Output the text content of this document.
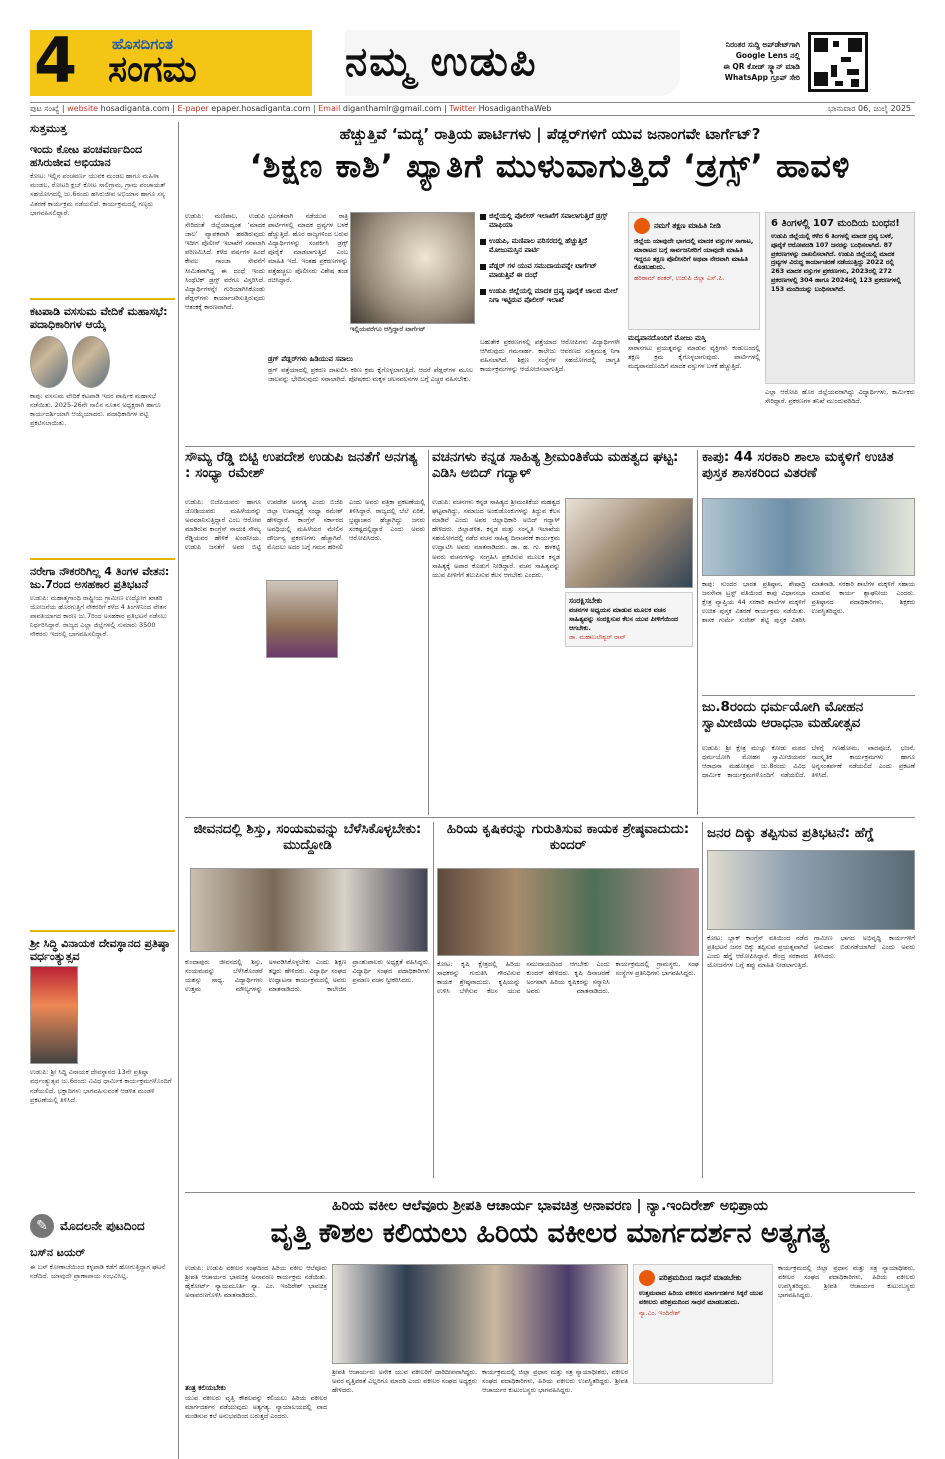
4 ಹೊಸದಿಗಂತ
ಸಂಗಮ	ನಮ್ಮ ಉಡುಪಿ	ನಿರಂತರ ಸುದ್ದಿ ಅಪ್‌ಡೇಟ್‌ಗಾಗಿ
Google Lens ನಲ್ಲಿ
ಈ QR ಕೋಡ್ ಸ್ಕ್ಯಾನ್ ಮಾಡಿ
WhatsApp ಗ್ರೂಪ್ ಸೇರಿ
ಪುಟ ಸಂಖ್ಯೆ | website hosadiganta.com | E-paper epaper.hosadiganta.com | Email diganthamlr@gmail.com | Twitter HosadiganthaWeb	ಭಾನುವಾರ 06, ಜುಲೈ 2025
ಸುತ್ತಮುತ್ತ
ಇಂದು ಕೋಟ ಪಂಚವರ್ಣದಿಂದ ಹಸಿರುಜೀವ ಅಭಿಯಾನ
ಕೋಟ: ಇಲ್ಲಿನ ಪಂಚವರ್ಣ ಯುವಕ ಮಂಡಲ ಹಾಗೂ ಮಹಿಳಾ ಮಂಡಲ, ರೋಟರಿ ಕ್ಲಬ್ ಕೋಟ ಸಾಲಿಗ್ರಾಮ, ಗ್ರಾಮ ಪಂಚಾಯತ್ ಸಹಯೋಗದಲ್ಲಿ ಜು.6ರಂದು ಹಸಿರುಜೀವ ಅಭಿಯಾನ ಹಾಗೂ ಸಸ್ಯ ವಿತರಣೆ ಕಾರ್ಯಕ್ರಮ ನಡೆಯಲಿದೆ. ಕಾರ್ಯಕ್ರಮದಲ್ಲಿ ಗಣ್ಯರು ಭಾಗವಹಿಸಲಿದ್ದಾರೆ.
ಕಟಪಾಡಿ ವಸಸುಮ ವೇದಿಕೆ ಮಹಾಸಭೆ: ಪದಾಧಿಕಾರಿಗಳ ಆಯ್ಕೆ
ಕಾಪು: ವಸಸುಮ ವೇದಿಕೆ ಕಟಪಾಡಿ ಇದರ ವಾರ್ಷಿಕ ಮಹಾಸಭೆ ನಡೆಯಿತು. 2025-26ನೇ ಸಾಲಿನ ನೂತನ ಅಧ್ಯಕ್ಷರಾಗಿ ಹಾಗೂ ಕಾರ್ಯದರ್ಶಿಯಾಗಿ ಆಯ್ಕೆಯಾದರು. ಪದಾಧಿಕಾರಿಗಳ ಪಟ್ಟಿ ಪ್ರಕಟಿಸಲಾಯಿತು.
ನರೇಗಾ ನೌಕರರಿಗಿಲ್ಲ 4 ತಿಂಗಳ ವೇತನ: ಜು.7ರಂದ ಅಸಹಕಾರ ಪ್ರತಿಭಟನೆ
ಉಡುಪಿ: ಮಹಾತ್ಮಗಾಂಧಿ ರಾಷ್ಟ್ರೀಯ ಗ್ರಾಮೀಣ ಉದ್ಯೋಗ ಖಾತರಿ ಯೋಜನೆಯ ಹೊರಗುತ್ತಿಗೆ ನೌಕರರಿಗೆ ಕಳೆದ 4 ತಿಂಗಳಿನಿಂದ ವೇತನ ಪಾವತಿಯಾಗದ ಕಾರಣ ಜು.7ರಿಂದ ಅಸಹಕಾರ ಪ್ರತಿಭಟನೆ ನಡೆಸಲು ನಿರ್ಧರಿಸಿದ್ದಾರೆ. ರಾಜ್ಯದ ಎಲ್ಲಾ ಜಿಲ್ಲೆಗಳಲ್ಲಿ ಸುಮಾರು 3500 ನೌಕರರು ಇದರಲ್ಲಿ ಭಾಗವಹಿಸಲಿದ್ದಾರೆ.
ಶ್ರೀ ಸಿದ್ಧಿ ವಿನಾಯಕ ದೇವಸ್ಥಾನದ ಪ್ರತಿಷ್ಠಾ ವರ್ಧಂತ್ಯುತ್ಸವ
ಉಡುಪಿ: ಶ್ರೀ ಸಿದ್ಧಿ ವಿನಾಯಕ ದೇವಸ್ಥಾನದ 13ನೇ ಪ್ರತಿಷ್ಠಾ ವರ್ಧಂತ್ಯುತ್ಸವ ಜು.6ರಂದು ವಿವಿಧ ಧಾರ್ಮಿಕ ಕಾರ್ಯಕ್ರಮಗಳೊಂದಿಗೆ ನಡೆಯಲಿದೆ. ಭಕ್ತಾದಿಗಳು ಭಾಗವಹಿಸುವಂತೆ ಆಡಳಿತ ಮಂಡಳಿ ಪ್ರಕಟಣೆಯಲ್ಲಿ ತಿಳಿಸಿದೆ.
✎	ಮೊದಲನೇ ಪುಟದಿಂದ
ಬಸ್‌ನ ಟಯರ್
ಈ ಬಸ್ ಕೋಣಾಜೆಯಿಂದ ಕಳ್ಳಪಾಡಿ ಕಡೆಗೆ ಹೋಗುತ್ತಿದ್ದಾಗ ಘಟನೆ ನಡೆದಿದೆ. ಯಾವುದೇ ಪ್ರಾಣಾಪಾಯ ಸಂಭವಿಸಿಲ್ಲ.
ಹೆಚ್ಚುತ್ತಿವೆ ‘ಮದ್ಯ’ ರಾತ್ರಿಯ ಪಾರ್ಟಿಗಳು | ಪೆಡ್ಲರ್‌ಗಳಿಗೆ ಯುವ ಜನಾಂಗವೇ ಟಾರ್ಗೆಟ್?
‘ಶಿಕ್ಷಣ ಕಾಶಿ’ ಖ್ಯಾತಿಗೆ ಮುಳುವಾಗುತ್ತಿದೆ ‘ಡ್ರಗ್ಸ್’ ಹಾವಳಿ
ಉಡುಪಿ: ಮಣಿಪಾಲ, ಉಡುಪಿ ಸೇರಿದಂತೆ ಜಿಲ್ಲೆಯಾದ್ಯಂತ ‘ಮಾದಕ ಜಾಲ’ ವ್ಯಾಪಕವಾಗಿ ಹರಡಿರುವುದು ಇದೀಗ ಪೊಲೀಸ್ ಇಲಾಖೆಗೆ ಸವಾಲಾಗಿ ಪರಿಣಮಿಸಿದೆ. ಕಳೆದ ವರ್ಷಗಳ ಹಿಂದೆ ಕೇವಲ ಗಾಂಜಾ ಸೇವನೆಗೆ ಸೀಮಿತವಾಗಿದ್ದ ಈ ದಂಧೆ ಇಂದು ಸಿಂಥೆಟಿಕ್ ಡ್ರಗ್ಸ್ ವರೆಗೂ ವಿಸ್ತರಿಸಿದೆ. ವಿದ್ಯಾರ್ಥಿಗಳನ್ನೇ ಗುರಿಯಾಗಿಸಿಕೊಂಡು ಪೆಡ್ಲರ್‌ಗಳು ಕಾರ್ಯಾಚರಿಸುತ್ತಿರುವುದು ಆತಂಕಕ್ಕೆ ಕಾರಣವಾಗಿದೆ.
ಭೂಗತವಾಗಿ ನಡೆಯುವ ರಾತ್ರಿ ಪಾರ್ಟಿಗಳಲ್ಲಿ ಮಾದಕ ದ್ರವ್ಯಗಳ ಬಳಕೆ ಹೆಚ್ಚುತ್ತಿದೆ. ಹೊರ ರಾಜ್ಯಗಳಿಂದ ಬರುವ ವಿದ್ಯಾರ್ಥಿಗಳನ್ನು ಸಂಪರ್ಕಿಸಿ ಡ್ರಗ್ಸ್ ಪೂರೈಕೆ ಮಾಡಲಾಗುತ್ತಿದೆ ಎಂಬ ಮಾಹಿತಿ ಇದೆ. ಇಂತಹ ಪ್ರಕರಣಗಳನ್ನು ಪತ್ತೆಹಚ್ಚಲು ಪೊಲೀಸರು ವಿಶೇಷ ತಂಡ ರಚಿಸಿದ್ದಾರೆ.
ಡ್ರಗ್ ಪೆಡ್ಲರ್‌ಗಳು ಹಿಡಿಯುವ ಸವಾಲು
ಡ್ರಗ್ ಪತ್ತೆಯಾದಲ್ಲಿ ಪ್ರಕರಣ ದಾಖಲಿಸಿ ಕಠಿಣ ಕ್ರಮ ಕೈಗೊಳ್ಳಲಾಗುತ್ತಿದೆ. ಆದರೆ ಪೆಡ್ಲರ್‌ಗಳ ಮೂಲ ಜಾಲವನ್ನು ಭೇದಿಸುವುದು ಸವಾಲಾಗಿದೆ. ಪೋಷಕರು ಮಕ್ಕಳ ಚಲನವಲನಗಳ ಬಗ್ಗೆ ಎಚ್ಚರ ವಹಿಸಬೇಕು.
ಇಲ್ಲಿಯವರೆಗೂ ಆಗ್ತಿದ್ದಾರೆ ಟಾರ್ಗೆಟ್
ಜಿಲ್ಲೆಯಲ್ಲಿ ಪೊಲೀಸ್ ಇಲಾಖೆಗೆ ಸವಾಲಾಗುತ್ತಿದೆ ಡ್ರಗ್ಸ್ ಮಾಫಿಯಾ
ಉಡುಪಿ, ಮಣಿಪಾಲ ಪರಿಸರದಲ್ಲಿ ಹೆಚ್ಚುತ್ತಿದೆ ಮೋಜುಮಸ್ತಿನ ಪಾರ್ಟಿ
ಪೆಡ್ಲರ್ ಗಳ ಯುವ ಸಮುದಾಯವನ್ನೇ ಟಾರ್ಗೆಟ್ ಮಾಡುತ್ತಿವೆ ಈ ದಂಧೆ
ಉಡುಪಿ ಜಿಲ್ಲೆಯಲ್ಲಿ ಮಾದಕ ದ್ರವ್ಯ ಪೂರೈಕೆ ಜಾಲದ ಮೇಲೆ ನಿಗಾ ಇಟ್ಟಿರುವ ಪೊಲೀಸ್ ಇಲಾಖೆ
ಬಹುತೇಕ ಪ್ರಕರಣಗಳಲ್ಲಿ ಪತ್ತೆಯಾದ ಆರೋಪಿಗಳು ವಿದ್ಯಾರ್ಥಿಗಳೇ ಆಗಿರುವುದು ಗಮನಾರ್ಹ. ಕಾಲೇಜು ಆವರಣದ ಸುತ್ತಮುತ್ತ ನಿಗಾ ವಹಿಸಲಾಗಿದೆ. ಶಿಕ್ಷಣ ಸಂಸ್ಥೆಗಳ ಸಹಯೋಗದಲ್ಲಿ ಜಾಗೃತಿ ಕಾರ್ಯಕ್ರಮಗಳನ್ನು ಆಯೋಜಿಸಲಾಗುತ್ತಿದೆ.
ನಮಗೆ ತಕ್ಷಣ ಮಾಹಿತಿ ನೀಡಿ
ಜಿಲ್ಲೆಯ ಯಾವುದೇ ಭಾಗದಲ್ಲಿ ಮಾದಕ ವಸ್ತುಗಳ ಸಾಗಾಟ, ಮಾರಾಟದ ಬಗ್ಗೆ ಸಾರ್ವಜನಿಕರಿಗೆ ಯಾವುದೇ ಮಾಹಿತಿ ಇದ್ದರೂ ತಕ್ಷಣ ಪೊಲೀಸರಿಗೆ ಅಥವಾ ನೇರವಾಗಿ ಮಾಹಿತಿ ಕೊಡಬಹುದು.
ಹರಿರಾಮ್ ಶಂಕರ್, ಉಡುಪಿ ಜಿಲ್ಲಾ ಎಸ್.ಪಿ.
ಮದ್ಯಪಾನದೊಂದಿಗೆ ಮೋಜು ಮಸ್ತಿ
ಸಾರಾಸಗಟು ಪ್ರಯತ್ನವನ್ನು ಮಾಡುವ ವ್ಯಕ್ತಿಗಳು ಕಂಡುಬಂದಲ್ಲಿ ತಕ್ಷಣ ಕ್ರಮ ಕೈಗೊಳ್ಳಲಾಗುವುದು. ಪಾರ್ಟಿಗಳಲ್ಲಿ ಮದ್ಯಪಾನದೊಂದಿಗೆ ಮಾದಕ ವಸ್ತುಗಳ ಬಳಕೆ ಹೆಚ್ಚುತ್ತಿದೆ.
6 ತಿಂಗಳಲ್ಲಿ 107 ಮಂದಿಯ ಬಂಧನ!
ಉಡುಪಿ ಜಿಲ್ಲೆಯಲ್ಲಿ ಕಳೆದ 6 ತಿಂಗಳಲ್ಲಿ ಮಾದಕ ದ್ರವ್ಯ ಬಳಕೆ, ಪೂರೈಕೆ ಆರೋಪದಡಿ 107 ಜನರನ್ನು ಬಂಧಿಸಲಾಗಿದೆ. 87 ಪ್ರಕರಣಗಳನ್ನು ದಾಖಲಿಸಲಾಗಿದೆ. ಉಡುಪಿ ಜಿಲ್ಲೆಯಲ್ಲಿ ಮಾದಕ ದ್ರವ್ಯಗಳ ವಿರುದ್ಧ ಕಾರ್ಯಾಚರಣೆ ನಡೆಯುತ್ತಿದ್ದು 2022 ರಲ್ಲಿ 263 ಮಾದಕ ವಸ್ತುಗಳ ಪ್ರಕರಣಗಳು, 2023ರಲ್ಲಿ 272 ಪ್ರಕರಣಗಳಲ್ಲಿ 304 ಹಾಗೂ 2024ರಲ್ಲಿ 123 ಪ್ರಕರಣಗಳಲ್ಲಿ 153 ಮಂದಿಯನ್ನು ಬಂಧಿಸಲಾಗಿದೆ.
ಎಲ್ಲಾ ಆರೋಪಿ ಹೊರ ಜಿಲ್ಲೆಯವರಾಗಿದ್ದು ವಿದ್ಯಾರ್ಥಿಗಳು, ಕಾರ್ಮಿಕರು ಸೇರಿದ್ದಾರೆ. ಪ್ರಕರಣಗಳ ತನಿಖೆ ಮುಂದುವರಿದಿದೆ.
ಸೌಮ್ಯ ರೆಡ್ಡಿ ಬಿಟ್ಟಿ ಉಪದೇಶ ಉಡುಪಿ ಜನತೆಗೆ ಅನಗತ್ಯ : ಸಂಧ್ಯಾ ರಮೇಶ್
ಉಡುಪಿ: ಬಿಜೆಪಿಯವರು ಹಾಗೂ ಜೋಶಿಯವರು ಮಹಿಳೆಯರನ್ನು ಅವಮಾನಿಸುತ್ತಿದ್ದಾರೆ ಎಂಬ ಆರೋಪ ಮಾಡಿರುವ ಕಾಂಗ್ರೆಸ್ ನಾಯಕಿ ಸೌಮ್ಯ ರೆಡ್ಡಿಯವರ ಹೇಳಿಕೆ ಖಂಡನೀಯ. ಉಡುಪಿ ಜನತೆಗೆ ಅವರ ಬಿಟ್ಟಿ ಉಪದೇಶ ಅನಗತ್ಯ ಎಂದು ಬಿಜೆಪಿ ಜಿಲ್ಲಾ ಉಪಾಧ್ಯಕ್ಷೆ ಸಂಧ್ಯಾ ರಮೇಶ್ ಹೇಳಿದ್ದಾರೆ. ಕಾಂಗ್ರೆಸ್ ಸರ್ಕಾರದ ಅವಧಿಯಲ್ಲಿ ಮಹಿಳೆಯರ ಮೇಲಿನ ದೌರ್ಜನ್ಯ ಪ್ರಕರಣಗಳು ಹೆಚ್ಚಾಗಿವೆ. ಮೊದಲು ಅದರ ಬಗ್ಗೆ ಗಮನ ಹರಿಸಲಿ ಎಂದು ಅವರು ಪತ್ರಿಕಾ ಪ್ರಕಟಣೆಯಲ್ಲಿ ತಿಳಿಸಿದ್ದಾರೆ. ರಾಜ್ಯದಲ್ಲಿ ಬೆಲೆ ಏರಿಕೆ, ಭ್ರಷ್ಟಾಚಾರ ಹೆಚ್ಚಾಗಿದ್ದು ಜನರು ಸಂಕಷ್ಟದಲ್ಲಿದ್ದಾರೆ ಎಂದು ಅವರು ಆರೋಪಿಸಿದರು.
ವಚನಗಳು ಕನ್ನಡ ಸಾಹಿತ್ಯ ಶ್ರೀಮಂತಿಕೆಯ ಮಹತ್ವದ ಘಟ್ಟ: ಎಡಿಸಿ ಅಬಿದ್ ಗದ್ಯಾಳ್
ಉಡುಪಿ: ವಚನಗಳು ಕನ್ನಡ ಸಾಹಿತ್ಯದ ಶ್ರೀಮಂತಿಕೆಯ ಮಹತ್ವದ ಘಟ್ಟವಾಗಿದ್ದು, ಸಮಾಜದ ಅಂಕುಡೊಂಕುಗಳನ್ನು ತಿದ್ದುವ ಕೆಲಸ ಮಾಡಿವೆ ಎಂದು ಅಪರ ಜಿಲ್ಲಾಧಿಕಾರಿ ಅಬಿದ್ ಗದ್ಯಾಳ್ ಹೇಳಿದರು. ಜಿಲ್ಲಾಡಳಿತ, ಕನ್ನಡ ಮತ್ತು ಸಂಸ್ಕೃತಿ ಇಲಾಖೆಯ ಸಹಯೋಗದಲ್ಲಿ ನಡೆದ ವಚನ ಸಾಹಿತ್ಯ ದಿನಾಚರಣೆ ಕಾರ್ಯಕ್ರಮ ಉದ್ಘಾಟಿಸಿ ಅವರು ಮಾತನಾಡಿದರು. ಡಾ. ಹ. ಗು. ಹಳಕಟ್ಟಿ ಅವರು ವಚನಗಳನ್ನು ಸಂಗ್ರಹಿಸಿ ಪ್ರಕಟಿಸುವ ಮೂಲಕ ಕನ್ನಡ ಸಾಹಿತ್ಯಕ್ಕೆ ಅಪಾರ ಕೊಡುಗೆ ನೀಡಿದ್ದಾರೆ. ವಚನ ಸಾಹಿತ್ಯವನ್ನು ಯುವ ಪೀಳಿಗೆಗೆ ತಲುಪಿಸುವ ಕೆಲಸ ಆಗಬೇಕು ಎಂದರು.
ಸಂರಕ್ಷಿಸಬೇಕು
ವಚನಗಳ ಅಧ್ಯಯನ ಮಾಡುವ ಮೂಲಕ ವಚನ ಸಾಹಿತ್ಯವನ್ನು ಸಂರಕ್ಷಿಸುವ ಕೆಲಸ ಯುವ ಪೀಳಿಗೆಯಿಂದ ಆಗಬೇಕು.
ಡಾ. ಮಹಾಬಲೇಶ್ವರ್ ರಾವ್
ಕಾಪು: 44 ಸರಕಾರಿ ಶಾಲಾ ಮಕ್ಕಳಿಗೆ ಉಚಿತ ಪುಸ್ತಕ ಶಾಸಕರಿಂದ ವಿತರಣೆ
ಕಾಪು: ಸುಂದರ ಭಾರತ ಪ್ರತಿಷ್ಠಾನ, ಶೇಷಾದ್ರಿ ಜನಸೇವಾ ಟ್ರಸ್ಟ್ ವತಿಯಿಂದ ಕಾಪು ವಿಧಾನಸಭಾ ಕ್ಷೇತ್ರ ವ್ಯಾಪ್ತಿಯ 44 ಸರಕಾರಿ ಶಾಲೆಗಳ ಮಕ್ಕಳಿಗೆ ಉಚಿತ ಪುಸ್ತಕ ವಿತರಣೆ ಕಾರ್ಯಕ್ರಮ ನಡೆಯಿತು. ಶಾಸಕ ಗುರ್ಮೆ ಸುರೇಶ್ ಶೆಟ್ಟಿ ಪುಸ್ತಕ ವಿತರಿಸಿ ಮಾತನಾಡಿ, ಸರಕಾರಿ ಶಾಲೆಗಳ ಮಕ್ಕಳಿಗೆ ಸಹಾಯ ಮಾಡುವ ಕಾರ್ಯ ಶ್ಲಾಘನೀಯ ಎಂದರು. ಪ್ರತಿಷ್ಠಾನದ ಪದಾಧಿಕಾರಿಗಳು, ಶಿಕ್ಷಕರು ಉಪಸ್ಥಿತರಿದ್ದರು.
ಜು.8ರಂದು ಧರ್ಮಯೋಗಿ ಮೋಹನ ಸ್ವಾಮೀಜಿಯ ಆರಾಧನಾ ಮಹೋತ್ಸವ
ಉಡುಪಿ: ಶ್ರೀ ಕ್ಷೇತ್ರ ಮುಚ್ಲು ಕೋಡು ಮಠದ ಧರ್ಮಯೋಗಿ ಮೋಹನ ಸ್ವಾಮೀಜಿಯವರ ಆರಾಧನಾ ಮಹೋತ್ಸವ ಜು.8ರಂದು ವಿವಿಧ ಧಾರ್ಮಿಕ ಕಾರ್ಯಕ್ರಮಗಳೊಂದಿಗೆ ನಡೆಯಲಿದೆ. ಬೆಳಗ್ಗೆ ಗಣಹೋಮ, ಪಾದಪೂಜೆ, ಭಜನೆ, ಸಾಂಸ್ಕೃತಿಕ ಕಾರ್ಯಕ್ರಮಗಳು ಹಾಗೂ ಅನ್ನಸಂತರ್ಪಣೆ ನಡೆಯಲಿದೆ ಎಂದು ಪ್ರಕಟಣೆ ತಿಳಿಸಿದೆ.
ಜೀವನದಲ್ಲಿ ಶಿಸ್ತು, ಸಂಯಮವನ್ನು ಬೆಳೆಸಿಕೊಳ್ಳಬೇಕು: ಮುದ್ದೋಡಿ
ಕುಂದಾಪುರ: ಜೀವನದಲ್ಲಿ ಶಿಸ್ತು, ಸಂಯಮವನ್ನು ಬೆಳೆಸಿಕೊಂಡರೆ ಯಶಸ್ಸು ಸಾಧ್ಯ. ವಿದ್ಯಾರ್ಥಿಗಳು ಉತ್ತಮ ಮೌಲ್ಯಗಳನ್ನು ಅಳವಡಿಸಿಕೊಳ್ಳಬೇಕು ಎಂದು ಶಿಕ್ಷಣ ತಜ್ಞರು ಹೇಳಿದರು. ವಿದ್ಯಾರ್ಥಿ ಸಂಘದ ಉದ್ಘಾಟನಾ ಕಾರ್ಯಕ್ರಮದಲ್ಲಿ ಅವರು ಮಾತನಾಡಿದರು. ಕಾಲೇಜಿನ ಪ್ರಾಂಶುಪಾಲರು ಅಧ್ಯಕ್ಷತೆ ವಹಿಸಿದ್ದರು. ವಿದ್ಯಾರ್ಥಿ ಸಂಘದ ಪದಾಧಿಕಾರಿಗಳು ಪ್ರಮಾಣ ವಚನ ಸ್ವೀಕರಿಸಿದರು.
ಹಿರಿಯ ಕೃಷಿಕರನ್ನು ಗುರುತಿಸುವ ಕಾಯಕ ಶ್ರೇಷ್ಠವಾದುದು: ಕುಂದರ್
ಕೋಟ: ಕೃಷಿ ಕ್ಷೇತ್ರದಲ್ಲಿ ಹಿರಿಯ ಸಾಧಕರನ್ನು ಗುರುತಿಸಿ ಗೌರವಿಸುವ ಕಾಯಕ ಶ್ರೇಷ್ಠವಾದುದು. ಕೃಷಿಯನ್ನು ಉಳಿಸಿ ಬೆಳೆಸುವ ಕೆಲಸ ಯುವ ಸಮುದಾಯದಿಂದ ಆಗಬೇಕು ಎಂದು ಕುಂದರ್ ಹೇಳಿದರು. ಕೃಷಿ ದಿನಾಚರಣೆ ಅಂಗವಾಗಿ ಹಿರಿಯ ಕೃಷಿಕರನ್ನು ಸನ್ಮಾನಿಸಿ ಅವರು ಮಾತನಾಡಿದರು. ಕಾರ್ಯಕ್ರಮದಲ್ಲಿ ಗ್ರಾಮಸ್ಥರು, ಸಂಘ ಸಂಸ್ಥೆಗಳ ಪ್ರತಿನಿಧಿಗಳು ಭಾಗವಹಿಸಿದ್ದರು.
ಜನರ ದಿಕ್ಕು ತಪ್ಪಿಸುವ ಪ್ರತಿಭಟನೆ: ಹೆಗ್ಡೆ
ಕೋಟ: ಬ್ಲಾಕ್ ಕಾಂಗ್ರೆಸ್ ವತಿಯಿಂದ ನಡೆದ ಪ್ರತಿಭಟನೆ ಜನರ ದಿಕ್ಕು ತಪ್ಪಿಸುವ ಪ್ರಯತ್ನವಾಗಿದೆ ಎಂದು ಹೆಗ್ಡೆ ಆರೋಪಿಸಿದ್ದಾರೆ. ಕೇಂದ್ರ ಸರಕಾರದ ಯೋಜನೆಗಳ ಬಗ್ಗೆ ತಪ್ಪು ಮಾಹಿತಿ ನೀಡಲಾಗುತ್ತಿದೆ. ಗ್ರಾಮೀಣ ಭಾಗದ ಅಭಿವೃದ್ಧಿ ಕಾರ್ಯಗಳಿಗೆ ಅನುದಾನ ಬಿಡುಗಡೆಯಾಗಿದೆ ಎಂದು ಅವರು ತಿಳಿಸಿದರು.
ಹಿರಿಯ ವಕೀಲ ಆಲೆವೂರು ಶ್ರೀಪತಿ ಆಚಾರ್ಯ ಭಾವಚಿತ್ರ ಅನಾವರಣ | ನ್ಯಾ.ಇಂದಿರೇಶ್ ಅಭಿಪ್ರಾಯ
ವೃತ್ತಿ ಕೌಶಲ ಕಲಿಯಲು ಹಿರಿಯ ವಕೀಲರ ಮಾರ್ಗದರ್ಶನ ಅತ್ಯಗತ್ಯ
ಉಡುಪಿ: ಉಡುಪಿ ವಕೀಲರ ಸಂಘದಿಂದ ಹಿರಿಯ ವಕೀಲ ಆಲೆವೂರು ಶ್ರೀಪತಿ ಆಚಾರ್ಯರ ಭಾವಚಿತ್ರ ಅನಾವರಣ ಕಾರ್ಯಕ್ರಮ ನಡೆಯಿತು. ಹೈಕೋರ್ಟ್ ನ್ಯಾಯಮೂರ್ತಿ ನ್ಯಾ. ಎಂ. ಇಂದಿರೇಶ್ ಭಾವಚಿತ್ರ ಅನಾವರಣಗೊಳಿಸಿ ಮಾತನಾಡಿದರು.
ತಂತ್ರ ಕಲಿಯಬೇಕು
ಯುವ ವಕೀಲರು ವೃತ್ತಿ ಕೌಶಲವನ್ನು ಕಲಿಯಲು ಹಿರಿಯ ವಕೀಲರ ಮಾರ್ಗದರ್ಶನ ಪಡೆಯುವುದು ಅತ್ಯಗತ್ಯ. ನ್ಯಾಯಾಲಯದಲ್ಲಿ ವಾದ ಮಂಡಿಸುವ ಕಲೆ ಅನುಭವದಿಂದ ಬರುತ್ತದೆ ಎಂದರು.
ಶ್ರೀಪತಿ ಆಚಾರ್ಯರು ಅನೇಕ ಯುವ ವಕೀಲರಿಗೆ ದಾರಿದೀಪವಾಗಿದ್ದರು. ಅವರ ವೃತ್ತಿಪರತೆ ಎಲ್ಲರಿಗೂ ಮಾದರಿ ಎಂದು ವಕೀಲರ ಸಂಘದ ಅಧ್ಯಕ್ಷರು ಹೇಳಿದರು.
ಕಾರ್ಯಕ್ರಮದಲ್ಲಿ ಜಿಲ್ಲಾ ಪ್ರಧಾನ ಮತ್ತು ಸತ್ರ ನ್ಯಾಯಾಧೀಶರು, ವಕೀಲರ ಸಂಘದ ಪದಾಧಿಕಾರಿಗಳು, ಹಿರಿಯ ವಕೀಲರು ಉಪಸ್ಥಿತರಿದ್ದರು. ಶ್ರೀಪತಿ ಆಚಾರ್ಯರ ಕುಟುಂಬಸ್ಥರು ಭಾಗವಹಿಸಿದ್ದರು.
ಪರಿಶ್ರಮದಿಂದ ಸಾಧನೆ ಮಾಡಬೇಕು
ಉತ್ತಮವಾದ ಹಿರಿಯ ವಕೀಲರ ಮಾರ್ಗದರ್ಶನ ಸಿಕ್ಕರೆ ಯುವ ವಕೀಲರು ಪರಿಶ್ರಮದಿಂದ ಸಾಧನೆ ಮಾಡಬಹುದು.
ನ್ಯಾ.ಎಂ. ಇಂದಿರೇಶ್
ಕಾರ್ಯಕ್ರಮದಲ್ಲಿ ಜಿಲ್ಲಾ ಪ್ರಧಾನ ಮತ್ತು ಸತ್ರ ನ್ಯಾಯಾಧೀಶರು, ವಕೀಲರ ಸಂಘದ ಪದಾಧಿಕಾರಿಗಳು, ಹಿರಿಯ ವಕೀಲರು ಉಪಸ್ಥಿತರಿದ್ದರು. ಶ್ರೀಪತಿ ಆಚಾರ್ಯರ ಕುಟುಂಬಸ್ಥರು ಭಾಗವಹಿಸಿದ್ದರು.
